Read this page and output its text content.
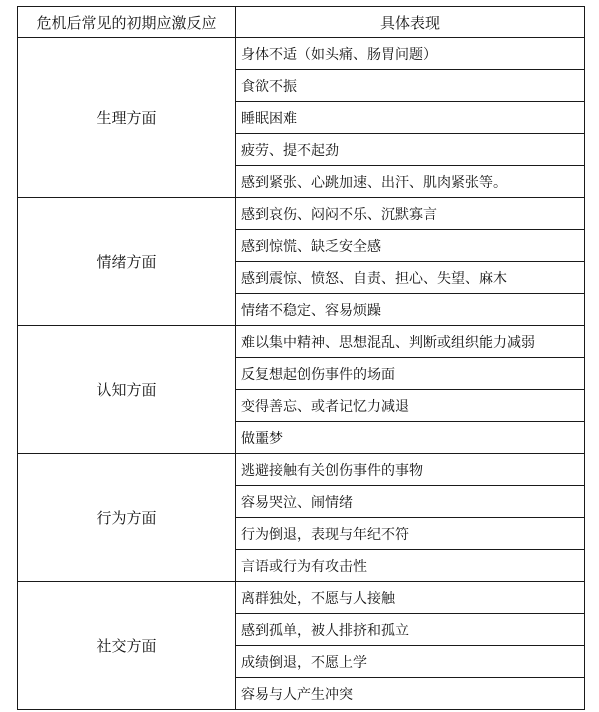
危机后常见的初期应激反应	具体表现
生理方面	身体不适（如头痛、肠胃问题）
	食欲不振
	睡眠困难
	疲劳、提不起劲
	感到紧张、心跳加速、出汗、肌肉紧张等。
情绪方面	感到哀伤、闷闷不乐、沉默寡言
	感到惊慌、缺乏安全感
	感到震惊、愤怒、自责、担心、失望、麻木
	情绪不稳定、容易烦躁
认知方面	难以集中精神、思想混乱、判断或组织能力减弱
	反复想起创伤事件的场面
	变得善忘、或者记忆力减退
	做噩梦
行为方面	逃避接触有关创伤事件的事物
	容易哭泣、闹情绪
	行为倒退，表现与年纪不符
	言语或行为有攻击性
社交方面	离群独处，不愿与人接触
	感到孤单，被人排挤和孤立
	成绩倒退，不愿上学
	容易与人产生冲突
